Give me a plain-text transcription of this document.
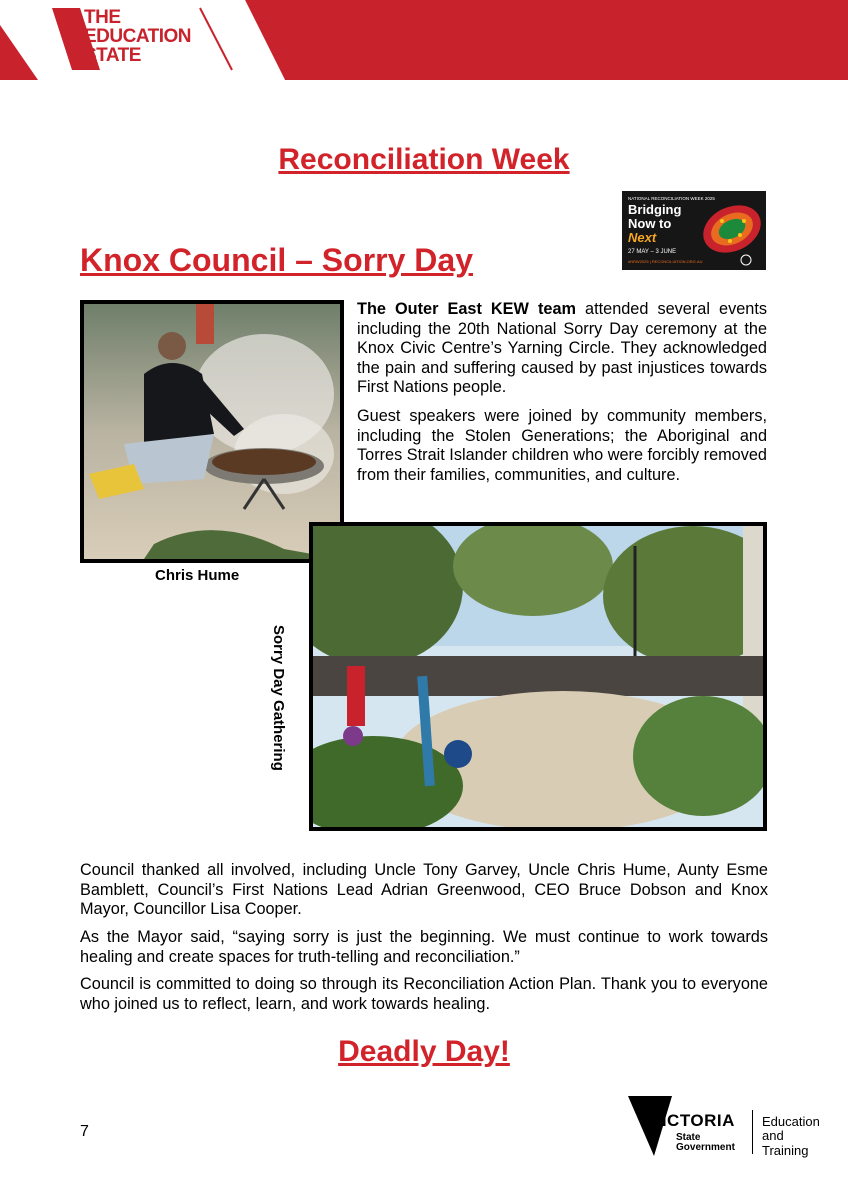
THE
EDUCATION
STATE
Reconciliation Week
NATIONAL RECONCILIATION WEEK 2025
Bridging
Now to
Next
27 MAY – 3 JUNE
#NRW2025 | RECONCILIATION.ORG.AU
Knox Council – Sorry Day
Chris Hume

The Outer East KEW team attended several events including the 20th National Sorry Day ceremony at the Knox Civic Centre’s Yarning Circle. They acknowledged the pain and suffering caused by past injustices towards First Nations people.

Guest speakers were joined by community members, including the Stolen Generations; the Aboriginal and Torres Strait Islander children who were forcibly removed from their families, communities, and culture.

Sorry Day Gathering

Council thanked all involved, including Uncle Tony Garvey, Uncle Chris Hume, Aunty Esme Bamblett, Council’s First Nations Lead Adrian Greenwood, CEO Bruce Dobson and Knox Mayor, Councillor Lisa Cooper.

As the Mayor said, “saying sorry is just the beginning. We must continue to work towards healing and create spaces for truth-telling and reconciliation.”

Council is committed to doing so through its Reconciliation Action Plan. Thank you to everyone who joined us to reflect, learn, and work towards healing.

Deadly Day!
7
VICTORIA
State
Government
Education
and Training
